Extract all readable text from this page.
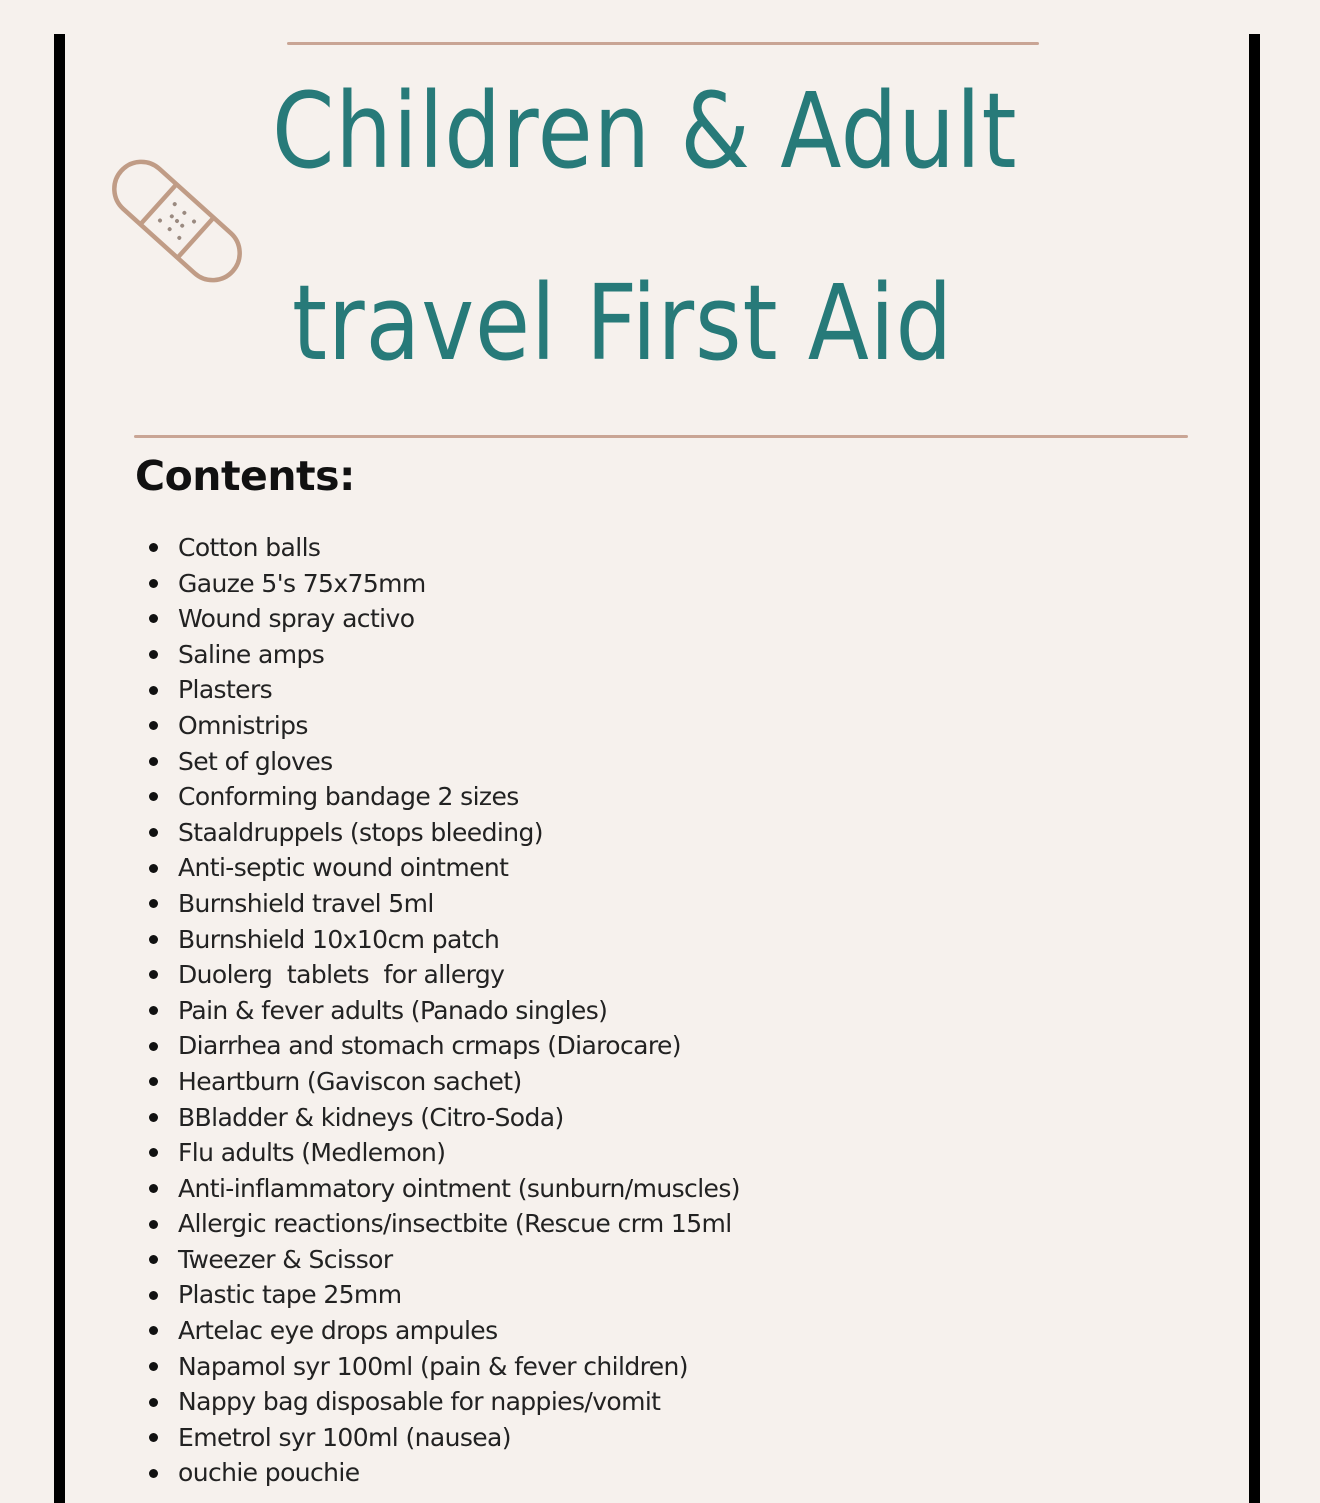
Children & Adult
travel First Aid
Contents:
Cotton balls
Gauze 5's 75x75mm
Wound spray activo
Saline amps
Plasters
Omnistrips
Set of gloves
Conforming bandage 2 sizes
Staaldruppels (stops bleeding)
Anti-septic wound ointment
Burnshield travel 5ml
Burnshield 10x10cm patch
Duolerg  tablets  for allergy
Pain & fever adults (Panado singles)
Diarrhea and stomach crmaps (Diarocare)
Heartburn (Gaviscon sachet)
BBladder & kidneys (Citro-Soda)
Flu adults (Medlemon)
Anti-inflammatory ointment (sunburn/muscles)
Allergic reactions/insectbite (Rescue crm 15ml
Tweezer & Scissor
Plastic tape 25mm
Artelac eye drops ampules
Napamol syr 100ml (pain & fever children)
Nappy bag disposable for nappies/vomit
Emetrol syr 100ml (nausea)
ouchie pouchie
